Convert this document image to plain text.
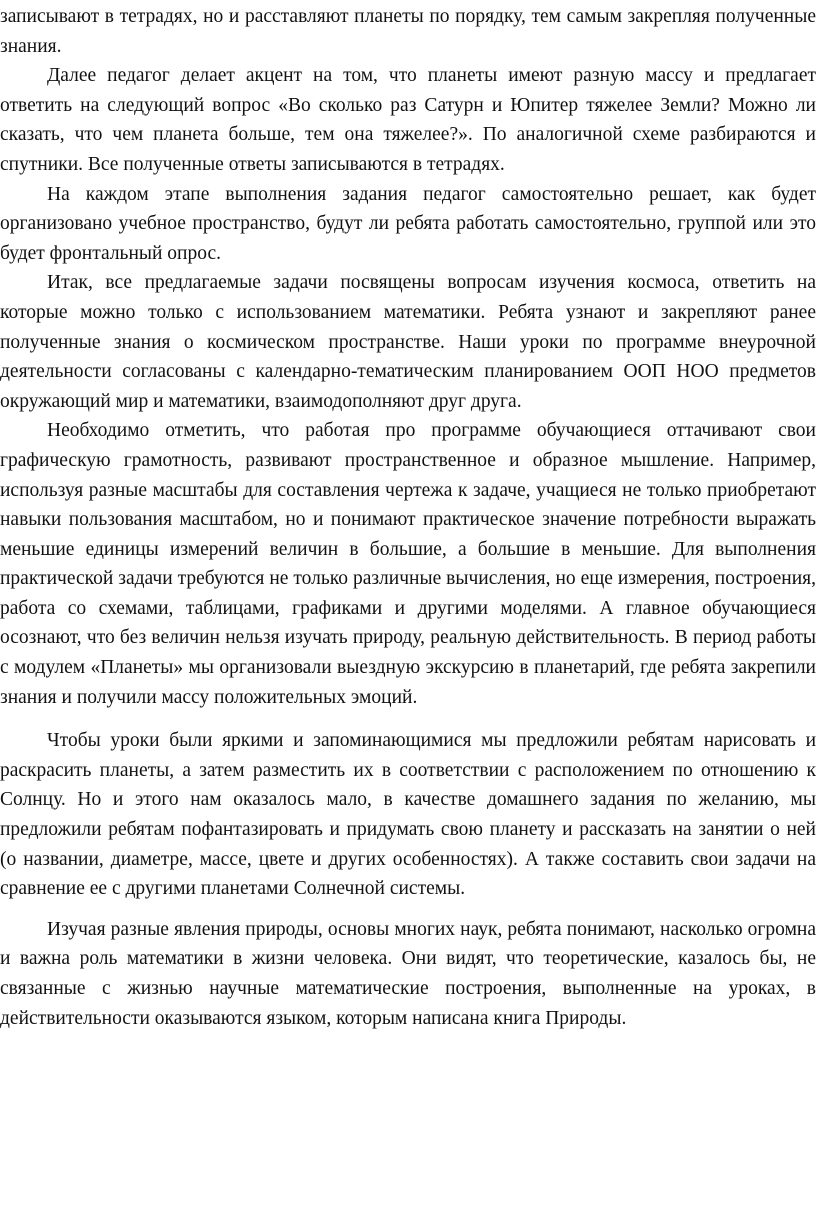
записывают в тетрадях, но и расставляют планеты по порядку, тем самым закрепляя полученные знания.

Далее педагог делает акцент на том, что планеты имеют разную массу и предлагает ответить на следующий вопрос «Во сколько раз Сатурн и Юпитер тяжелее Земли? Можно ли сказать, что чем планета больше, тем она тяжелее?». По аналогичной схеме разбираются и спутники. Все полученные ответы записываются в тетрадях.

На каждом этапе выполнения задания педагог самостоятельно решает, как будет организовано учебное пространство, будут ли ребята работать самостоятельно, группой или это будет фронтальный опрос.

Итак, все предлагаемые задачи посвящены вопросам изучения космоса, ответить на которые можно только с использованием математики. Ребята узнают и закрепляют ранее полученные знания о космическом пространстве. Наши уроки по программе внеурочной деятельности согласованы с календарно-тематическим планированием ООП НОО предметов окружающий мир и математики, взаимодополняют друг друга.

Необходимо отметить, что работая про программе обучающиеся оттачивают свои графическую грамотность, развивают пространственное и образное мышление. Например, используя разные масштабы для составления чертежа к задаче, учащиеся не только приобретают навыки пользования масштабом, но и понимают практическое значение потребности выражать меньшие единицы измерений величин в большие, а большие в меньшие. Для выполнения практической задачи требуются не только различные вычисления, но еще измерения, построения, работа со схемами, таблицами, графиками и другими моделями. А главное обучающиеся осознают, что без величин нельзя изучать природу, реальную действительность. В период работы с модулем «Планеты» мы организовали выездную экскурсию в планетарий, где ребята закрепили знания и получили массу положительных эмоций.

Чтобы уроки были яркими и запоминающимися мы предложили ребятам нарисовать и раскрасить планеты, а затем разместить их в соответствии с расположением по отношению к Солнцу. Но и этого нам оказалось мало, в качестве домашнего задания по желанию, мы предложили ребятам пофантазировать и придумать свою планету и рассказать на занятии о ней (о названии, диаметре, массе, цвете и других особенностях). А также составить свои задачи на сравнение ее с другими планетами Солнечной системы.

Изучая разные явления природы, основы многих наук, ребята понимают, насколько огромна и важна роль математики в жизни человека. Они видят, что теоретические, казалось бы, не связанные с жизнью научные математические построения, выполненные на уроках, в действительности оказываются языком, которым написана книга Природы.
